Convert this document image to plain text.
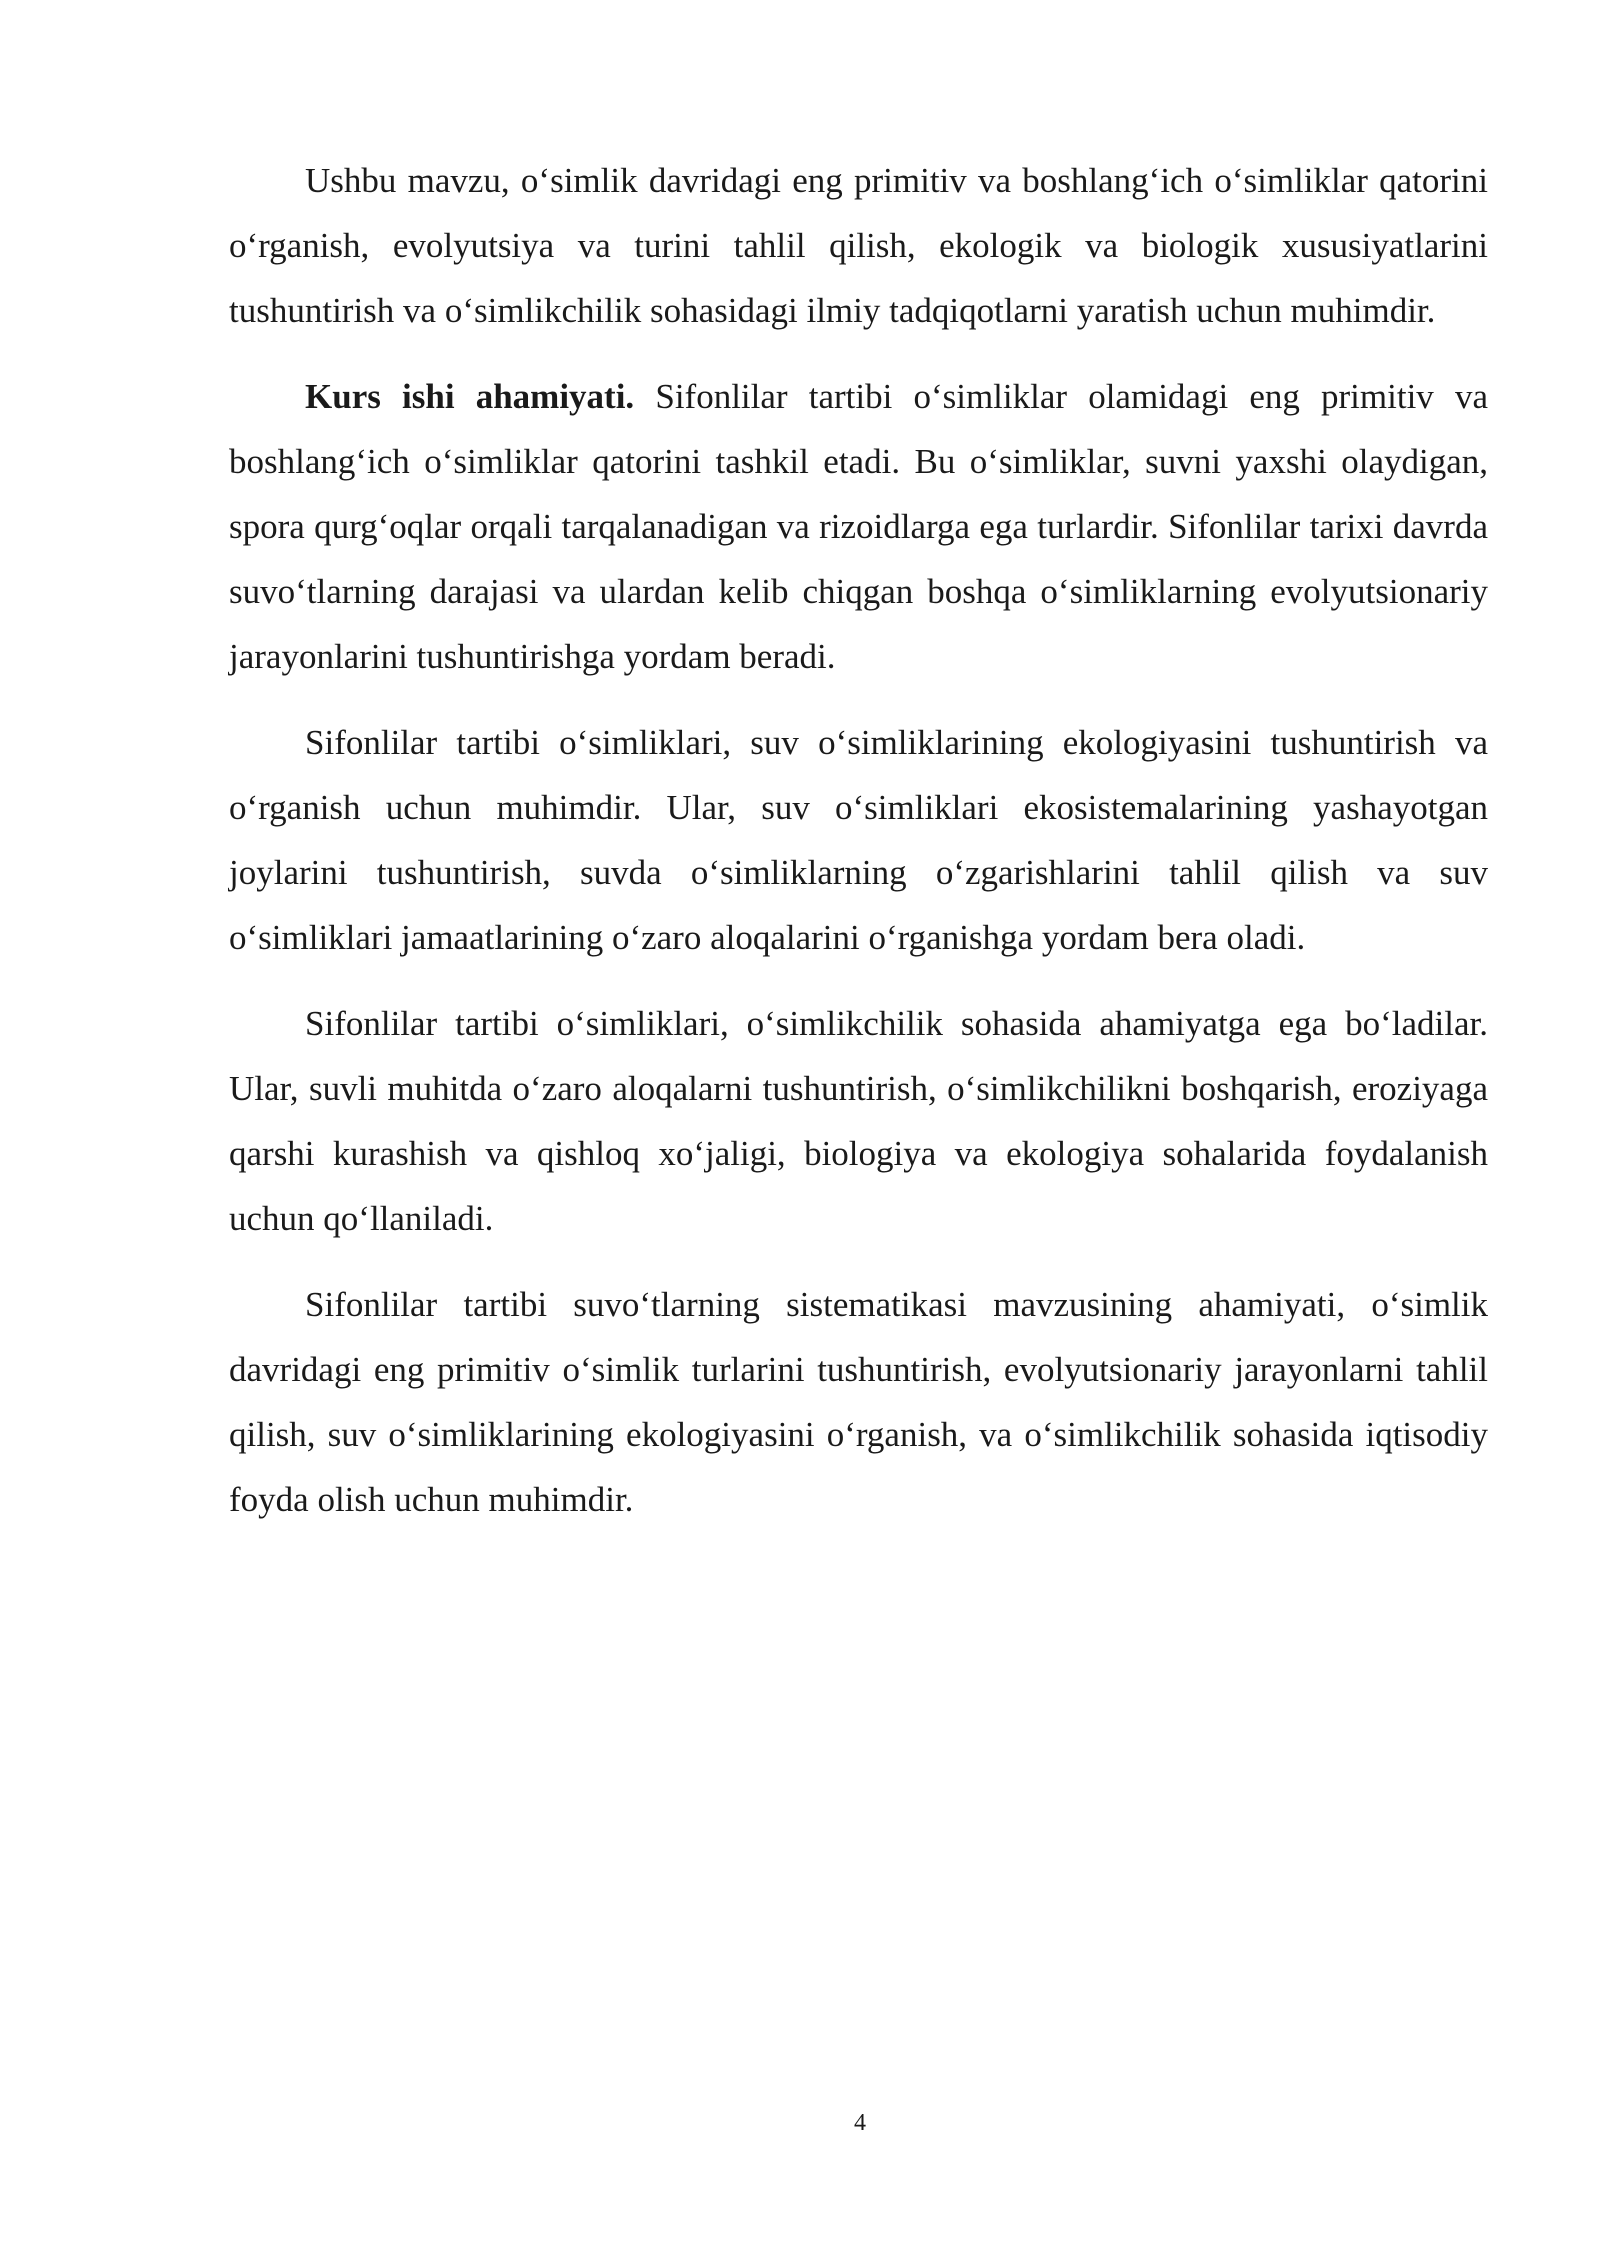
Ushbu mavzu, o‘simlik davridagi eng primitiv va boshlang‘ich o‘simliklar qatorini o‘rganish, evolyutsiya va turini tahlil qilish, ekologik va biologik xususiyatlarini tushuntirish va o‘simlikchilik sohasidagi ilmiy tadqiqotlarni yaratish uchun muhimdir.

Kurs ishi ahamiyati. Sifonlilar tartibi o‘simliklar olamidagi eng primitiv va boshlang‘ich o‘simliklar qatorini tashkil etadi. Bu o‘simliklar, suvni yaxshi olaydigan, spora qurg‘oqlar orqali tarqalanadigan va rizoidlarga ega turlardir. Sifonlilar tarixi davrda suvo‘tlarning darajasi va ulardan kelib chiqgan boshqa o‘simliklarning evolyutsionariy jarayonlarini tushuntirishga yordam beradi.

Sifonlilar tartibi o‘simliklari, suv o‘simliklarining ekologiyasini tushuntirish va o‘rganish uchun muhimdir. Ular, suv o‘simliklari ekosistemalarining yashayotgan joylarini tushuntirish, suvda o‘simliklarning o‘zgarishlarini tahlil qilish va suv o‘simliklari jamaatlarining o‘zaro aloqalarini o‘rganishga yordam bera oladi.

Sifonlilar tartibi o‘simliklari, o‘simlikchilik sohasida ahamiyatga ega bo‘ladilar. Ular, suvli muhitda o‘zaro aloqalarni tushuntirish, o‘simlikchilikni boshqarish, eroziyaga qarshi kurashish va qishloq xo‘jaligi, biologiya va ekologiya sohalarida foydalanish uchun qo‘llaniladi.

Sifonlilar tartibi suvo‘tlarning sistematikasi mavzusining ahamiyati, o‘simlik davridagi eng primitiv o‘simlik turlarini tushuntirish, evolyutsionariy jarayonlarni tahlil qilish, suv o‘simliklarining ekologiyasini o‘rganish, va o‘simlikchilik sohasida iqtisodiy foyda olish uchun muhimdir.

4
